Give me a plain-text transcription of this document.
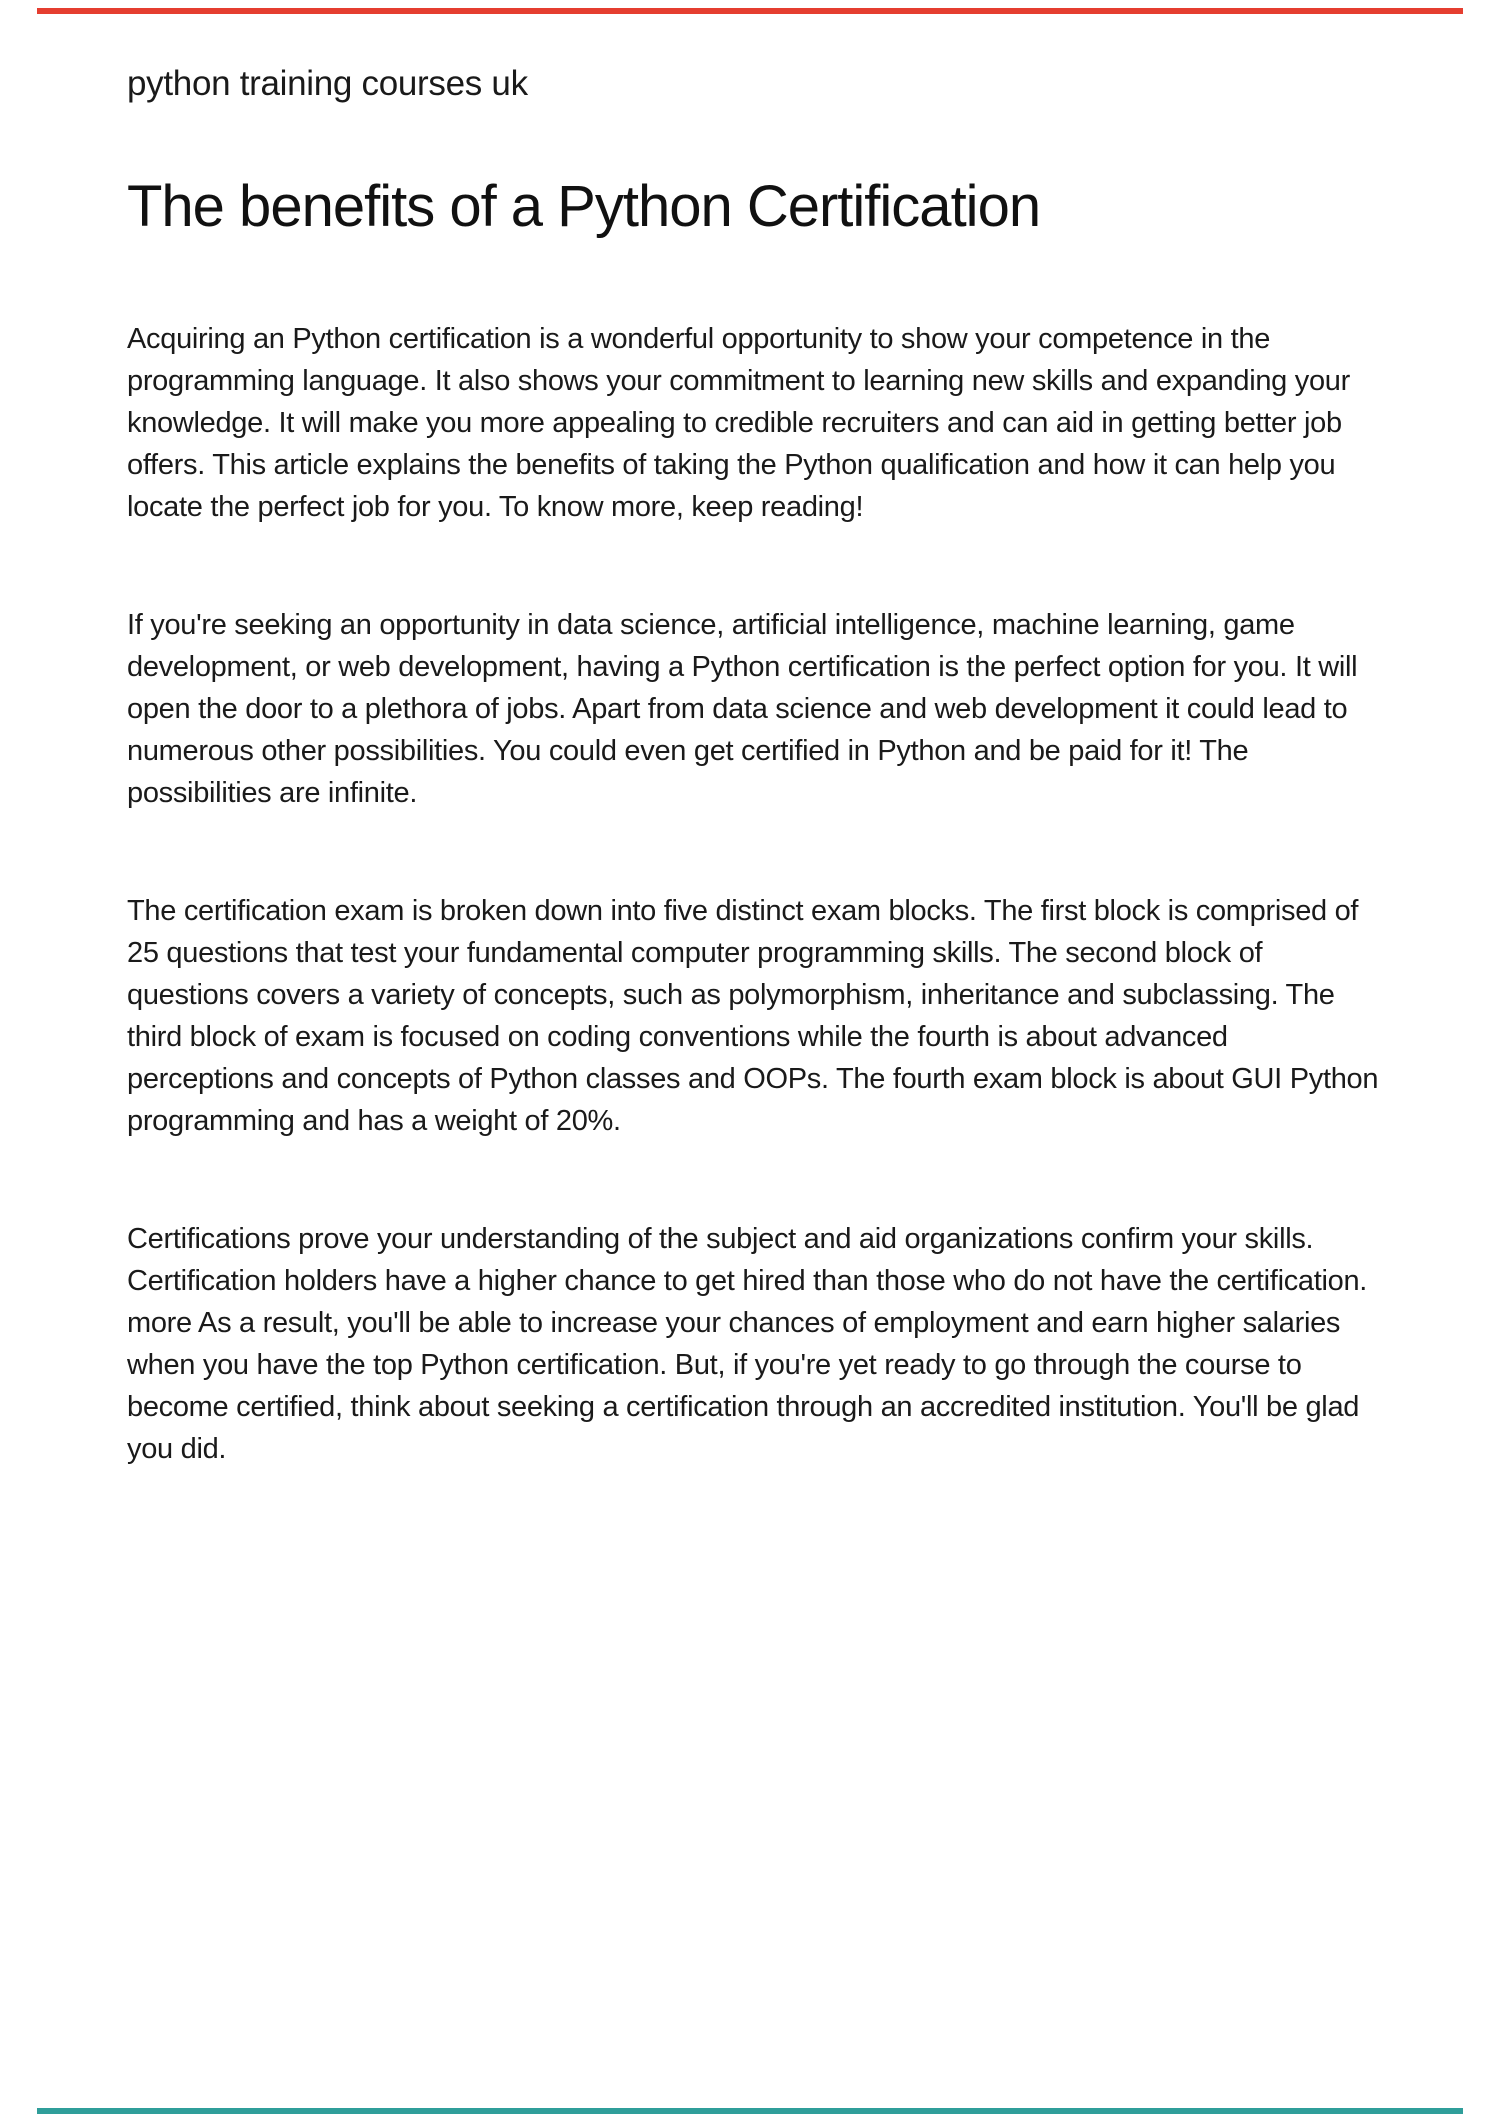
python training courses uk
The benefits of a Python Certification

Acquiring an Python certification is a wonderful opportunity to show your competence in the programming language. It also shows your commitment to learning new skills and expanding your knowledge. It will make you more appealing to credible recruiters and can aid in getting better job offers. This article explains the benefits of taking the Python qualification and how it can help you locate the perfect job for you. To know more, keep reading!

If you're seeking an opportunity in data science, artificial intelligence, machine learning, game development, or web development, having a Python certification is the perfect option for you. It will open the door to a plethora of jobs. Apart from data science and web development it could lead to numerous other possibilities. You could even get certified in Python and be paid for it! The possibilities are infinite.

The certification exam is broken down into five distinct exam blocks. The first block is comprised of 25 questions that test your fundamental computer programming skills. The second block of questions covers a variety of concepts, such as polymorphism, inheritance and subclassing. The third block of exam is focused on coding conventions while the fourth is about advanced perceptions and concepts of Python classes and OOPs. The fourth exam block is about GUI Python programming and has a weight of 20%.

Certifications prove your understanding of the subject and aid organizations confirm your skills. Certification holders have a higher chance to get hired than those who do not have the certification. more As a result, you'll be able to increase your chances of employment and earn higher salaries when you have the top Python certification. But, if you're yet ready to go through the course to become certified, think about seeking a certification through an accredited institution. You'll be glad you did.
